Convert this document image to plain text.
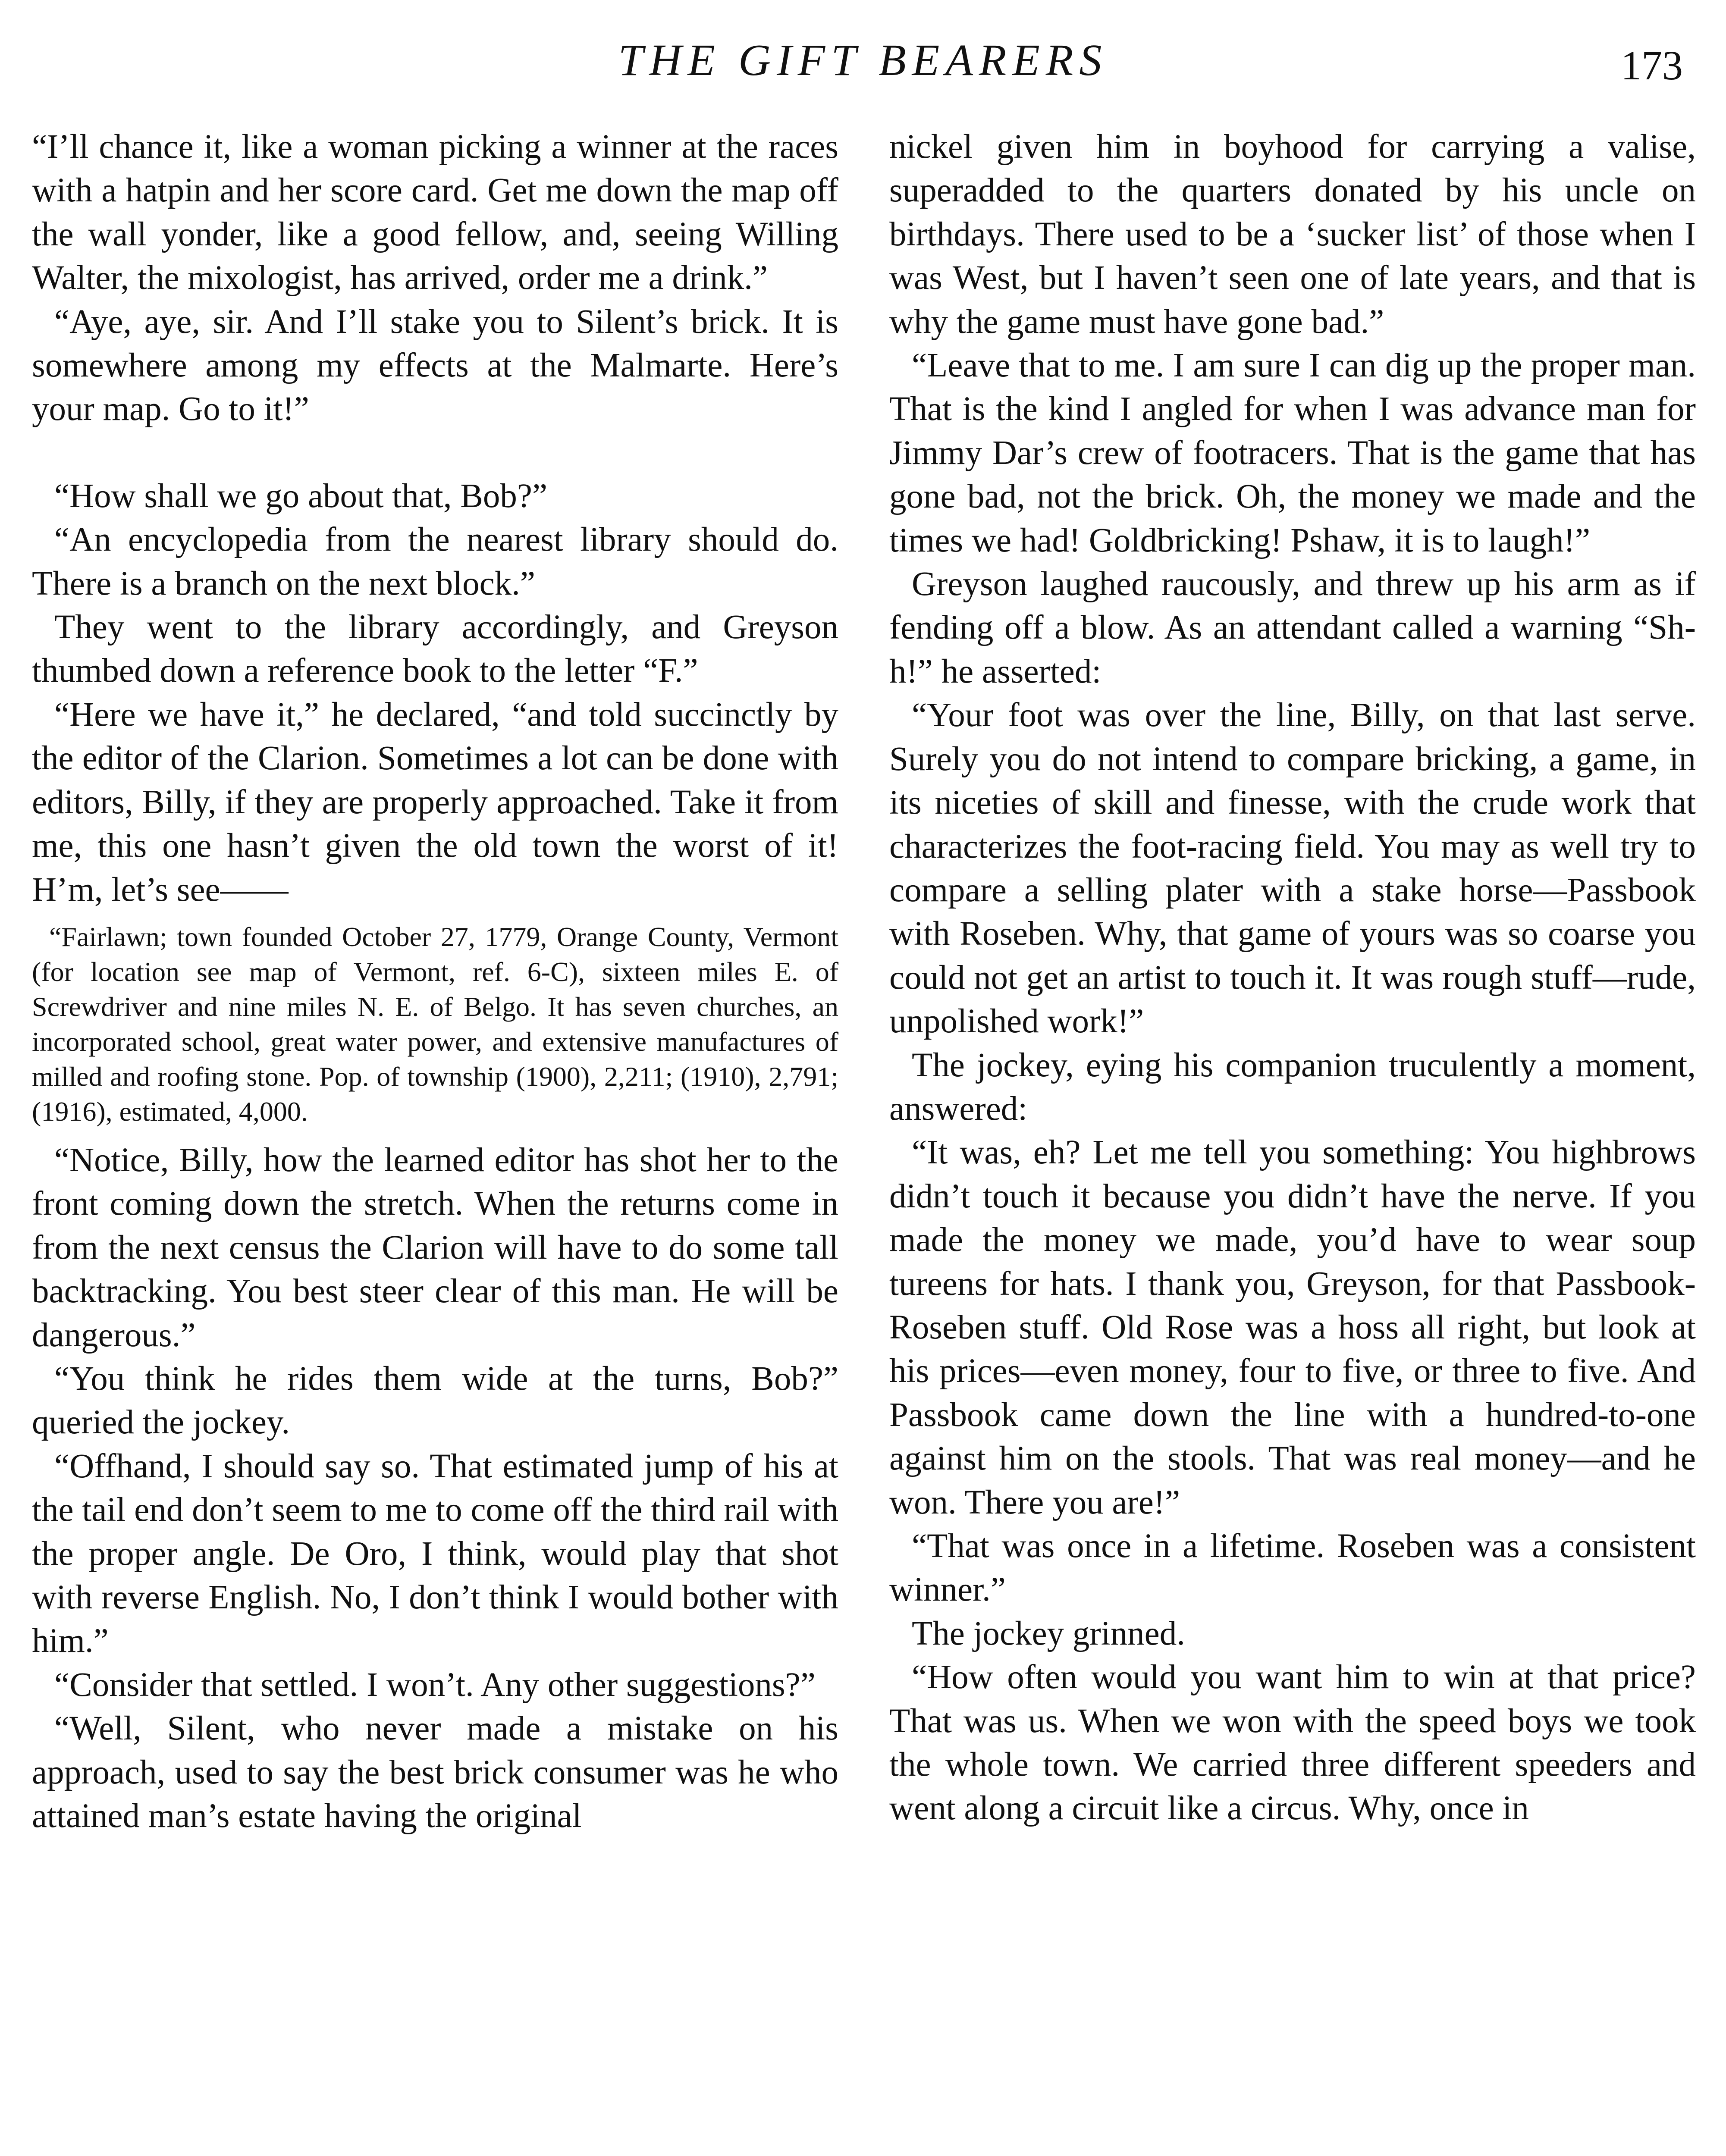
THE GIFT BEARERS	173

“I’ll chance it, like a woman picking a winner at the races with a hatpin and her score card. Get me down the map off the wall yonder, like a good fellow, and, seeing Willing Walter, the mixologist, has arrived, order me a drink.”

“Aye, aye, sir. And I’ll stake you to Silent’s brick. It is somewhere among my effects at the Malmarte. Here’s your map. Go to it!”

“How shall we go about that, Bob?”

“An encyclopedia from the nearest library should do. There is a branch on the next block.”

They went to the library accordingly, and Greyson thumbed down a reference book to the letter “F.”

“Here we have it,” he declared, “and told succinctly by the editor of the Clarion. Sometimes a lot can be done with editors, Billy, if they are properly approached. Take it from me, this one hasn’t given the old town the worst of it! H’m, let’s see——

“Fairlawn; town founded October 27, 1779, Orange County, Vermont (for location see map of Vermont, ref. 6-C), sixteen miles E. of Screwdriver and nine miles N. E. of Belgo. It has seven churches, an incorporated school, great water power, and extensive manufactures of milled and roofing stone. Pop. of township (1900), 2,211; (1910), 2,791; (1916), estimated, 4,000.

“Notice, Billy, how the learned editor has shot her to the front coming down the stretch. When the returns come in from the next census the Clarion will have to do some tall backtracking. You best steer clear of this man. He will be dangerous.”

“You think he rides them wide at the turns, Bob?” queried the jockey.

“Offhand, I should say so. That estimated jump of his at the tail end don’t seem to me to come off the third rail with the proper angle. De Oro, I think, would play that shot with reverse English. No, I don’t think I would bother with him.”

“Consider that settled. I won’t. Any other suggestions?”

“Well, Silent, who never made a mistake on his approach, used to say the best brick consumer was he who attained man’s estate having the original

nickel given him in boyhood for carrying a valise, superadded to the quarters donated by his uncle on birthdays. There used to be a ‘sucker list’ of those when I was West, but I haven’t seen one of late years, and that is why the game must have gone bad.”

“Leave that to me. I am sure I can dig up the proper man. That is the kind I angled for when I was advance man for Jimmy Dar’s crew of footracers. That is the game that has gone bad, not the brick. Oh, the money we made and the times we had! Goldbricking! Pshaw, it is to laugh!”

Greyson laughed raucously, and threw up his arm as if fending off a blow. As an attendant called a warning “Sh-h!” he asserted:

“Your foot was over the line, Billy, on that last serve. Surely you do not intend to compare bricking, a game, in its niceties of skill and finesse, with the crude work that characterizes the foot-racing field. You may as well try to compare a selling plater with a stake horse—Passbook with Roseben. Why, that game of yours was so coarse you could not get an artist to touch it. It was rough stuff—rude, unpolished work!”

The jockey, eying his companion truculently a moment, answered:

“It was, eh? Let me tell you something: You highbrows didn’t touch it because you didn’t have the nerve. If you made the money we made, you’d have to wear soup tureens for hats. I thank you, Greyson, for that Passbook-Roseben stuff. Old Rose was a hoss all right, but look at his prices—even money, four to five, or three to five. And Passbook came down the line with a hundred-to-one against him on the stools. That was real money—and he won. There you are!”

“That was once in a lifetime. Roseben was a consistent winner.”

The jockey grinned.

“How often would you want him to win at that price? That was us. When we won with the speed boys we took the whole town. We carried three different speeders and went along a circuit like a circus. Why, once in
